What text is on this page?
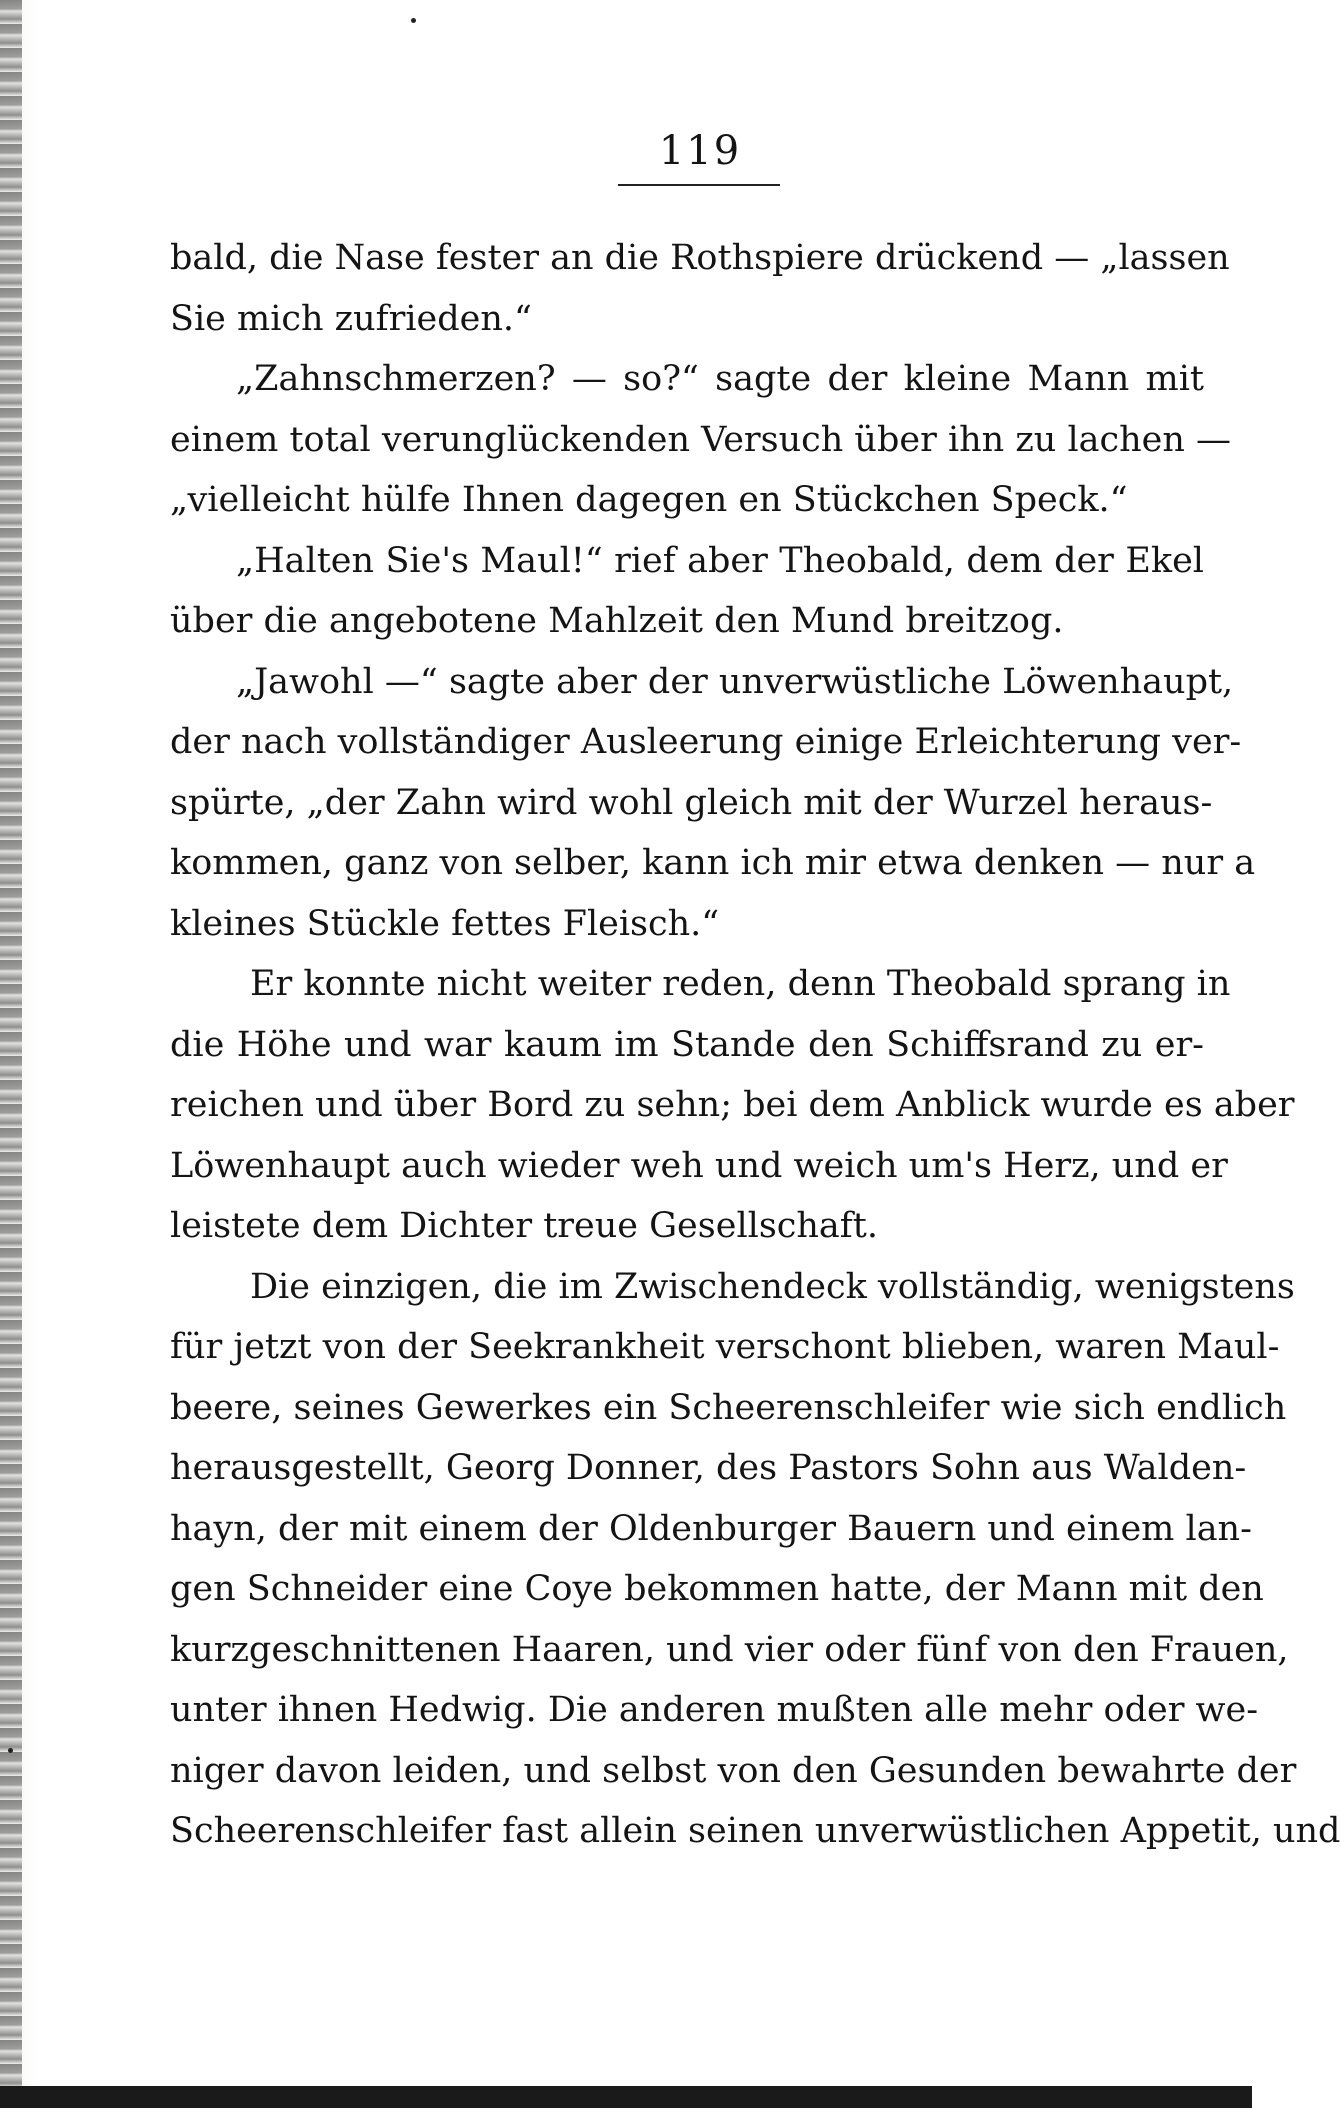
119
bald, die Nase fester an die Rothspiere drückend — „lassen
Sie mich zufrieden.“
„Zahnschmerzen? — so?“ sagte der kleine Mann mit
einem total verunglückenden Versuch über ihn zu lachen —
„vielleicht hülfe Ihnen dagegen en Stückchen Speck.“
„Halten Sie's Maul!“ rief aber Theobald, dem der Ekel
über die angebotene Mahlzeit den Mund breitzog.
„Jawohl —“ sagte aber der unverwüstliche Löwenhaupt,
der nach vollständiger Ausleerung einige Erleichterung ver-
spürte, „der Zahn wird wohl gleich mit der Wurzel heraus-
kommen, ganz von selber, kann ich mir etwa denken — nur a
kleines Stückle fettes Fleisch.“
Er konnte nicht weiter reden, denn Theobald sprang in
die Höhe und war kaum im Stande den Schiffsrand zu er-
reichen und über Bord zu sehn; bei dem Anblick wurde es aber
Löwenhaupt auch wieder weh und weich um's Herz, und er
leistete dem Dichter treue Gesellschaft.
Die einzigen, die im Zwischendeck vollständig, wenigstens
für jetzt von der Seekrankheit verschont blieben, waren Maul-
beere, seines Gewerkes ein Scheerenschleifer wie sich endlich
herausgestellt, Georg Donner, des Pastors Sohn aus Walden-
hayn, der mit einem der Oldenburger Bauern und einem lan-
gen Schneider eine Coye bekommen hatte, der Mann mit den
kurzgeschnittenen Haaren, und vier oder fünf von den Frauen,
unter ihnen Hedwig. Die anderen mußten alle mehr oder we-
niger davon leiden, und selbst von den Gesunden bewahrte der
Scheerenschleifer fast allein seinen unverwüstlichen Appetit, und
